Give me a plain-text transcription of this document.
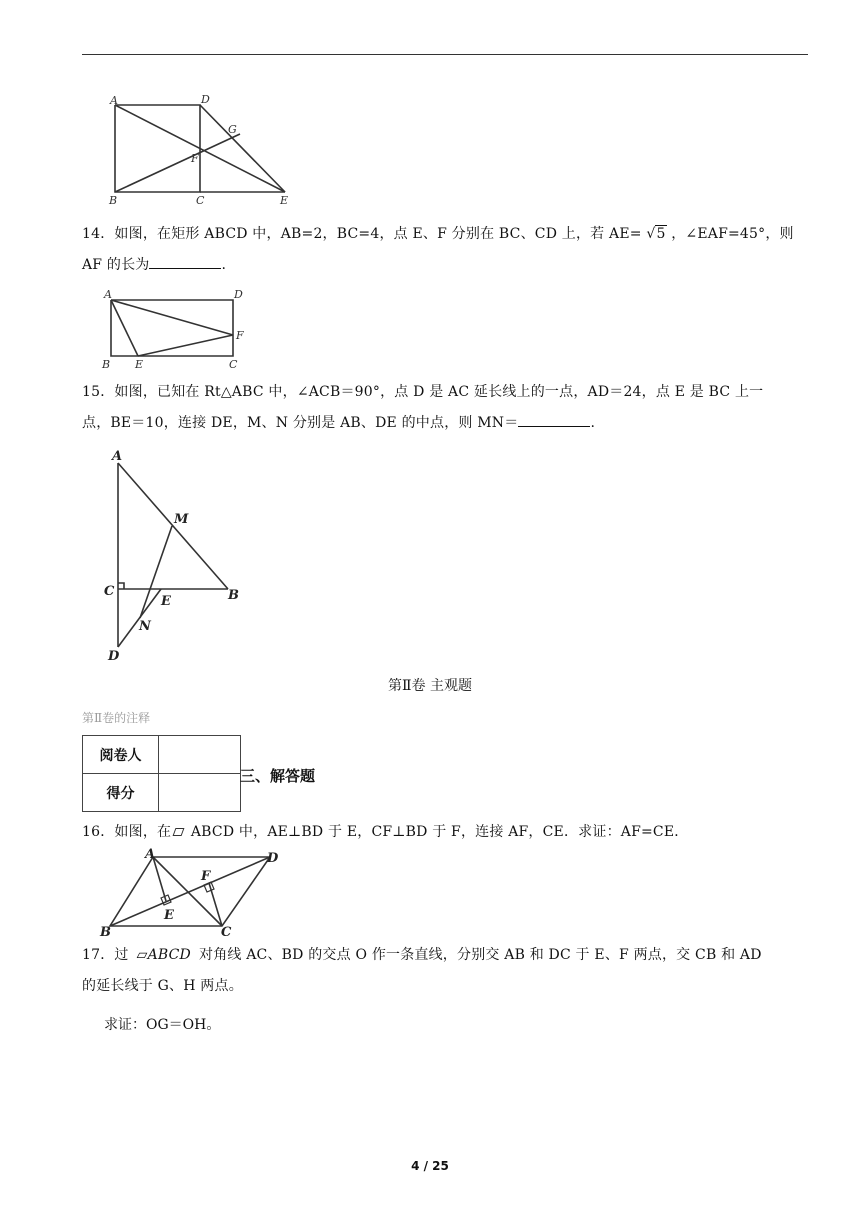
A	D
G
F
B	C	E
14．如图，在矩形 ABCD 中，AB=2，BC=4，点 E、F 分别在 BC、CD 上，若 AE= √5 ，∠EAF=45°，则
AF 的长为	.
A	D
F
B E	C
15．如图，已知在 Rt△ABC 中，∠ACB＝90°，点 D 是 AC 延长线上的一点，AD＝24，点 E 是 BC 上一
点，BE＝10，连接 DE，M、N 分别是 AB、DE 的中点，则 MN＝	.
A
M
C
E	B
N
D
第Ⅱ卷 主观题
第Ⅱ卷的注释
阅卷人	
得分	
三、解答题
16．如图，在 ABCD 中，AE⊥BD 于 E，CF⊥BD 于 F，连接 AF，CE．求证：AF=CE．
A	D
F
E
B	C
17．过 ▱ABCD 对角线 AC、BD 的交点 O 作一条直线，分别交 AB 和 DC 于 E、F 两点，交 CB 和 AD
的延长线于 G、H 两点。
求证：OG＝OH。
4 / 25
